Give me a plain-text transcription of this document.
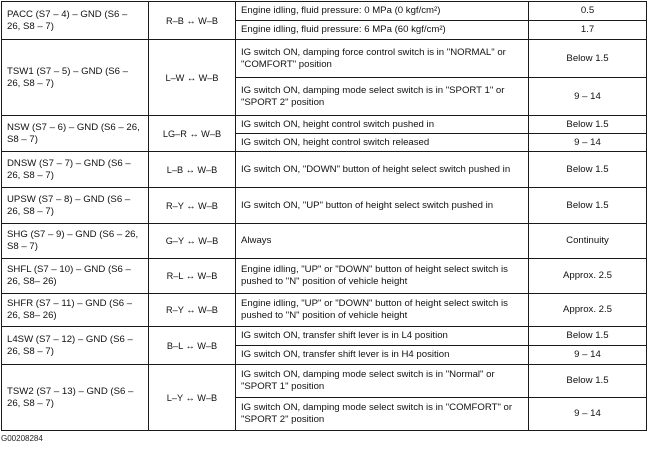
PACC (S7 – 4) – GND (S6 – 26, S8 – 7)	R–B ↔ W–B	Engine idling, fluid pressure: 0 MPa (0 kgf/cm²)	0.5
		Engine idling, fluid pressure: 6 MPa (60 kgf/cm²)	1.7
TSW1 (S7 – 5) – GND (S6 – 26, S8 – 7)	L–W ↔ W–B	IG switch ON, damping force control switch is in "NORMAL" or "COMFORT" position	Below 1.5
		IG switch ON, damping mode select switch is in "SPORT 1" or "SPORT 2" position	9 – 14
NSW (S7 – 6) – GND (S6 – 26, S8 – 7)	LG–R ↔ W–B	IG switch ON, height control switch pushed in	Below 1.5
		IG switch ON, height control switch released	9 – 14
DNSW (S7 – 7) – GND (S6 – 26, S8 – 7)	L–B ↔ W–B	IG switch ON, "DOWN" button of height select switch pushed in	Below 1.5
UPSW (S7 – 8) – GND (S6 – 26, S8 – 7)	R–Y ↔ W–B	IG switch ON, "UP" button of height select switch pushed in	Below 1.5
SHG (S7 – 9) – GND (S6 – 26, S8 – 7)	G–Y ↔ W–B	Always	Continuity
SHFL (S7 – 10) – GND (S6 – 26, S8– 26)	R–L ↔ W–B	Engine idling, "UP" or "DOWN" button of height select switch is pushed to "N" position of vehicle height	Approx. 2.5
SHFR (S7 – 11) – GND (S6 – 26, S8– 26)	R–Y ↔ W–B	Engine idling, "UP" or "DOWN" button of height select switch is pushed to "N" position of vehicle height	Approx. 2.5
L4SW (S7 – 12) – GND (S6 – 26, S8 – 7)	B–L ↔ W–B	IG switch ON, transfer shift lever is in L4 position	Below 1.5
		IG switch ON, transfer shift lever is in H4 position	9 – 14
TSW2 (S7 – 13) – GND (S6 – 26, S8 – 7)	L–Y ↔ W–B	IG switch ON, damping mode select switch is in "Normal" or "SPORT 1" position	Below 1.5
		IG switch ON, damping mode select switch is in "COMFORT" or "SPORT 2" position	9 – 14
G00208284
